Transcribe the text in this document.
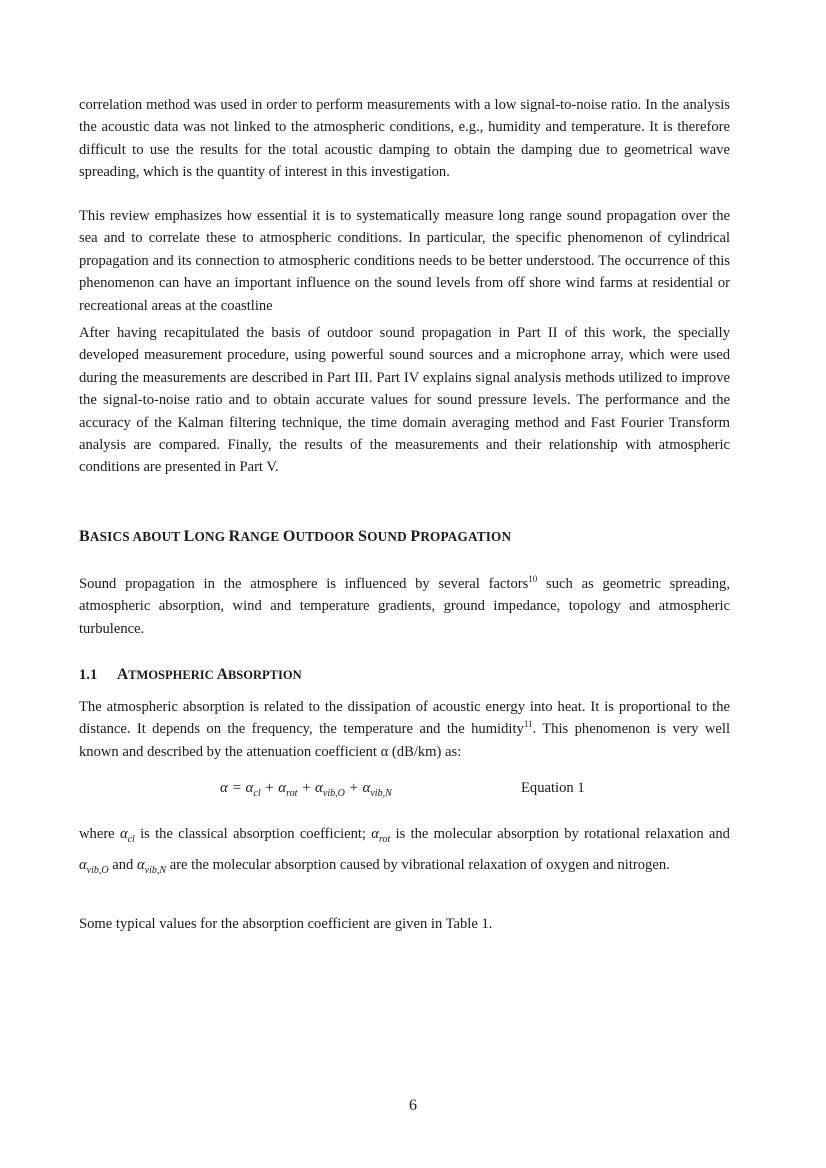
correlation method was used in order to perform measurements with a low signal-to-noise ratio. In the analysis the acoustic data was not linked to the atmospheric conditions, e.g., humidity and temperature. It is therefore difficult to use the results for the total acoustic damping to obtain the damping due to geometrical wave spreading, which is the quantity of interest in this investigation.

This review emphasizes how essential it is to systematically measure long range sound propagation over the sea and to correlate these to atmospheric conditions. In particular, the specific phenomenon of cylindrical propagation and its connection to atmospheric conditions needs to be better understood. The occurrence of this phenomenon can have an important influence on the sound levels from off shore wind farms at residential or recreational areas at the coastline

After having recapitulated the basis of outdoor sound propagation in Part II of this work, the specially developed measurement procedure, using powerful sound sources and a microphone array, which were used during the measurements are described in Part III. Part IV explains signal analysis methods utilized to improve the signal-to-noise ratio and to obtain accurate values for sound pressure levels. The performance and the accuracy of the Kalman filtering technique, the time domain averaging method and Fast Fourier Transform analysis are compared. Finally, the results of the measurements and their relationship with atmospheric conditions are presented in Part V.

BASICS ABOUT LONG RANGE OUTDOOR SOUND PROPAGATION

Sound propagation in the atmosphere is influenced by several factors$^{10}$ such as geometric spreading, atmospheric absorption, wind and temperature gradients, ground impedance, topology and atmospheric turbulence.

1.1 ATMOSPHERIC ABSORPTION

The atmospheric absorption is related to the dissipation of acoustic energy into heat. It is proportional to the distance. It depends on the frequency, the temperature and the humidity$^{11}$. This phenomenon is very well known and described by the attenuation coefficient α (dB/km) as:

$\alpha = \alpha_{cl} + \alpha_{rot} + \alpha_{vib,O} + \alpha_{vib,N}$	Equation 1

where $\alpha_{cl}$ is the classical absorption coefficient; $\alpha_{rot}$ is the molecular absorption by rotational relaxation and $\alpha_{vib,O}$ and $\alpha_{vib,N}$ are the molecular absorption caused by vibrational relaxation of oxygen and nitrogen.

Some typical values for the absorption coefficient are given in Table 1.

6
